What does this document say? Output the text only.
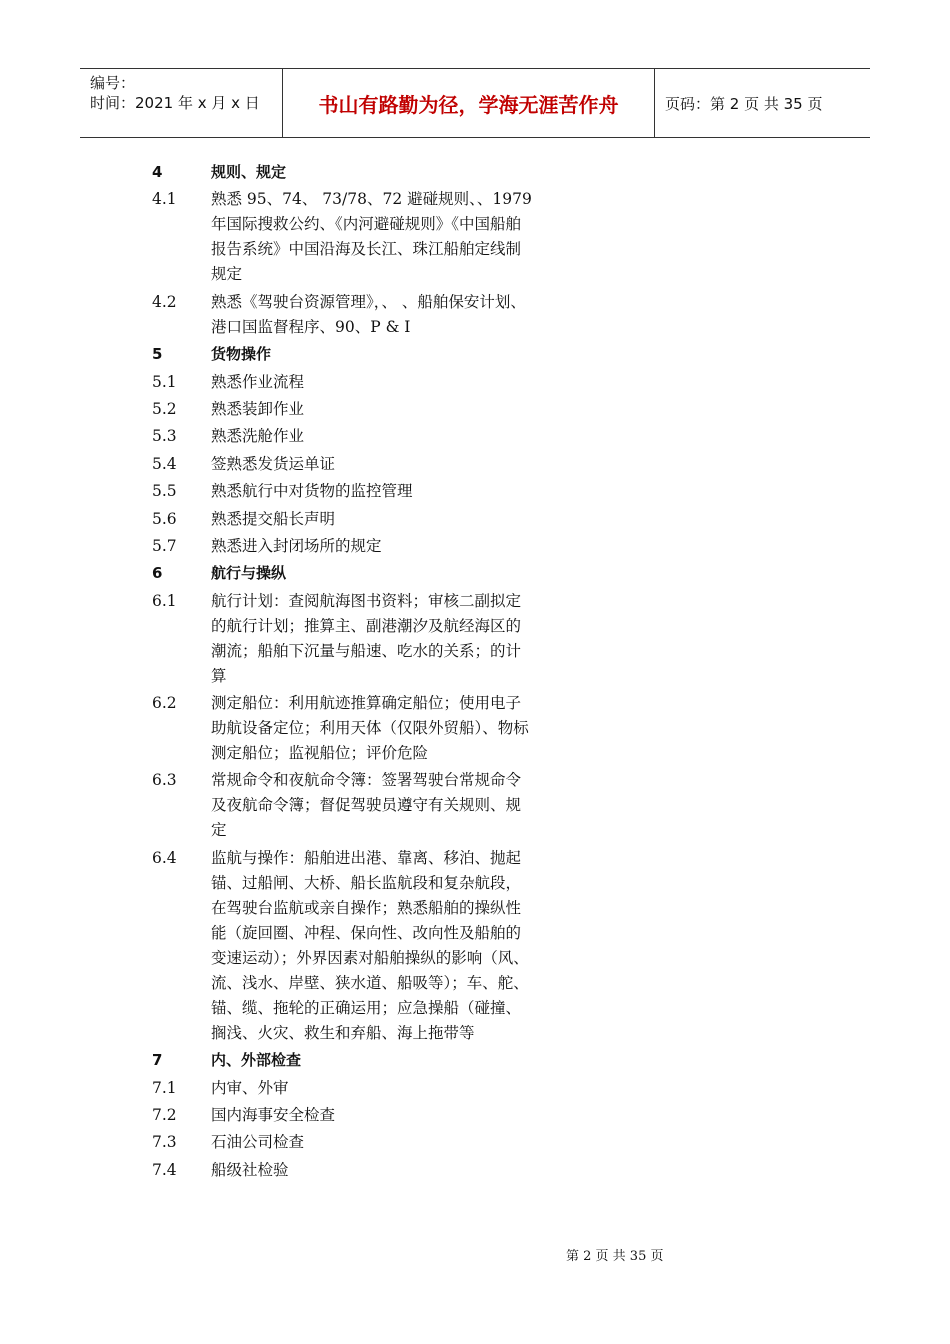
编号：
时间：2021 年 x 月 x 日	书山有路勤为径，学海无涯苦作舟	页码：第 2 页 共 35 页
4	规则、规定
4.1	熟悉 95、74、 73/78、72 避碰规则、、1979 年国际搜救公约、《内河避碰规则》《中国船舶报告系统》中国沿海及长江、珠江船舶定线制规定
4.2	熟悉《驾驶台资源管理》，、 、船舶保安计划、港口国监督程序、90、P & I
5	货物操作
5.1	熟悉作业流程
5.2	熟悉装卸作业
5.3	熟悉洗舱作业
5.4	签熟悉发货运单证
5.5	熟悉航行中对货物的监控管理
5.6	熟悉提交船长声明
5.7	熟悉进入封闭场所的规定
6	航行与操纵
6.1	航行计划：查阅航海图书资料；审核二副拟定的航行计划；推算主、副港潮汐及航经海区的潮流；船舶下沉量与船速、吃水的关系；的计算
6.2	测定船位：利用航迹推算确定船位；使用电子助航设备定位；利用天体（仅限外贸船）、物标测定船位；监视船位；评价危险
6.3	常规命令和夜航命令簿：签署驾驶台常规命令及夜航命令簿；督促驾驶员遵守有关规则、规定
6.4	监航与操作：船舶进出港、靠离、移泊、抛起锚、过船闸、大桥、船长监航段和复杂航段，在驾驶台监航或亲自操作；熟悉船舶的操纵性能（旋回圈、冲程、保向性、改向性及船舶的变速运动）；外界因素对船舶操纵的影响（风、流、浅水、岸壁、狭水道、船吸等）；车、舵、锚、缆、拖轮的正确运用；应急操船（碰撞、搁浅、火灾、救生和弃船、海上拖带等
7	内、外部检查
7.1	内审、外审
7.2	国内海事安全检查
7.3	石油公司检查
7.4	船级社检验
第 2 页 共 35 页
